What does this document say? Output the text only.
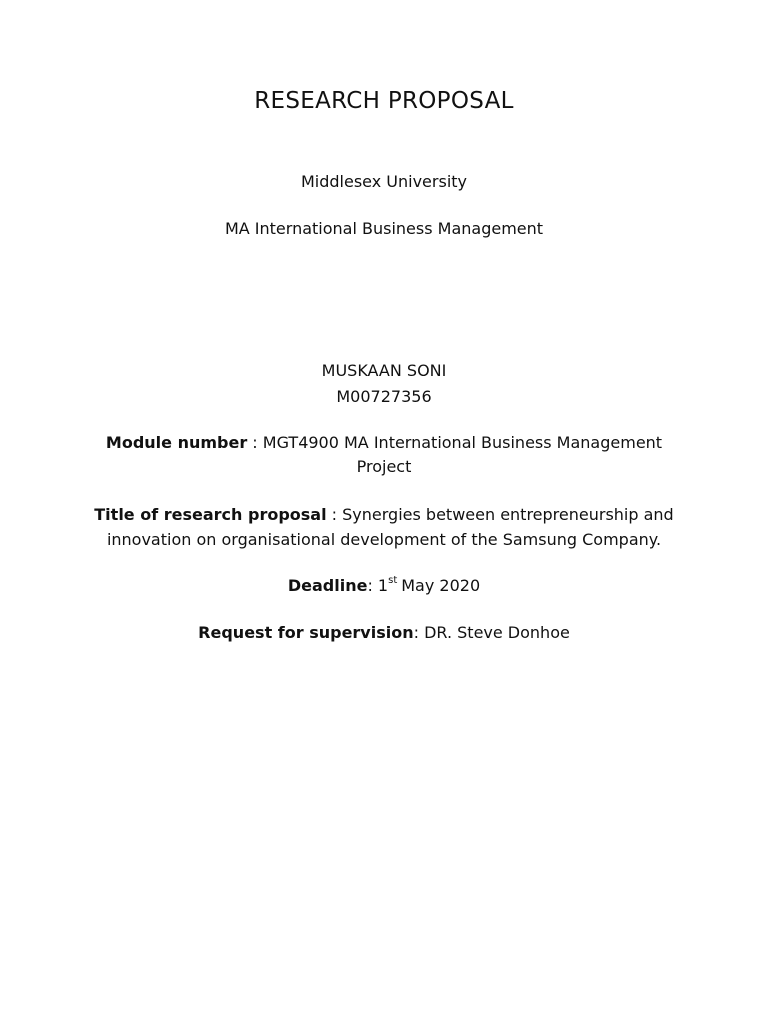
RESEARCH PROPOSAL
Middlesex University
MA International Business Management
MUSKAAN SONI
M00727356
Module number : MGT4900 MA International Business Management
Project
Title of research proposal : Synergies between entrepreneurship and
innovation on organisational development of the Samsung Company.
Deadline: 1st May 2020
Request for supervision: DR. Steve Donhoe
